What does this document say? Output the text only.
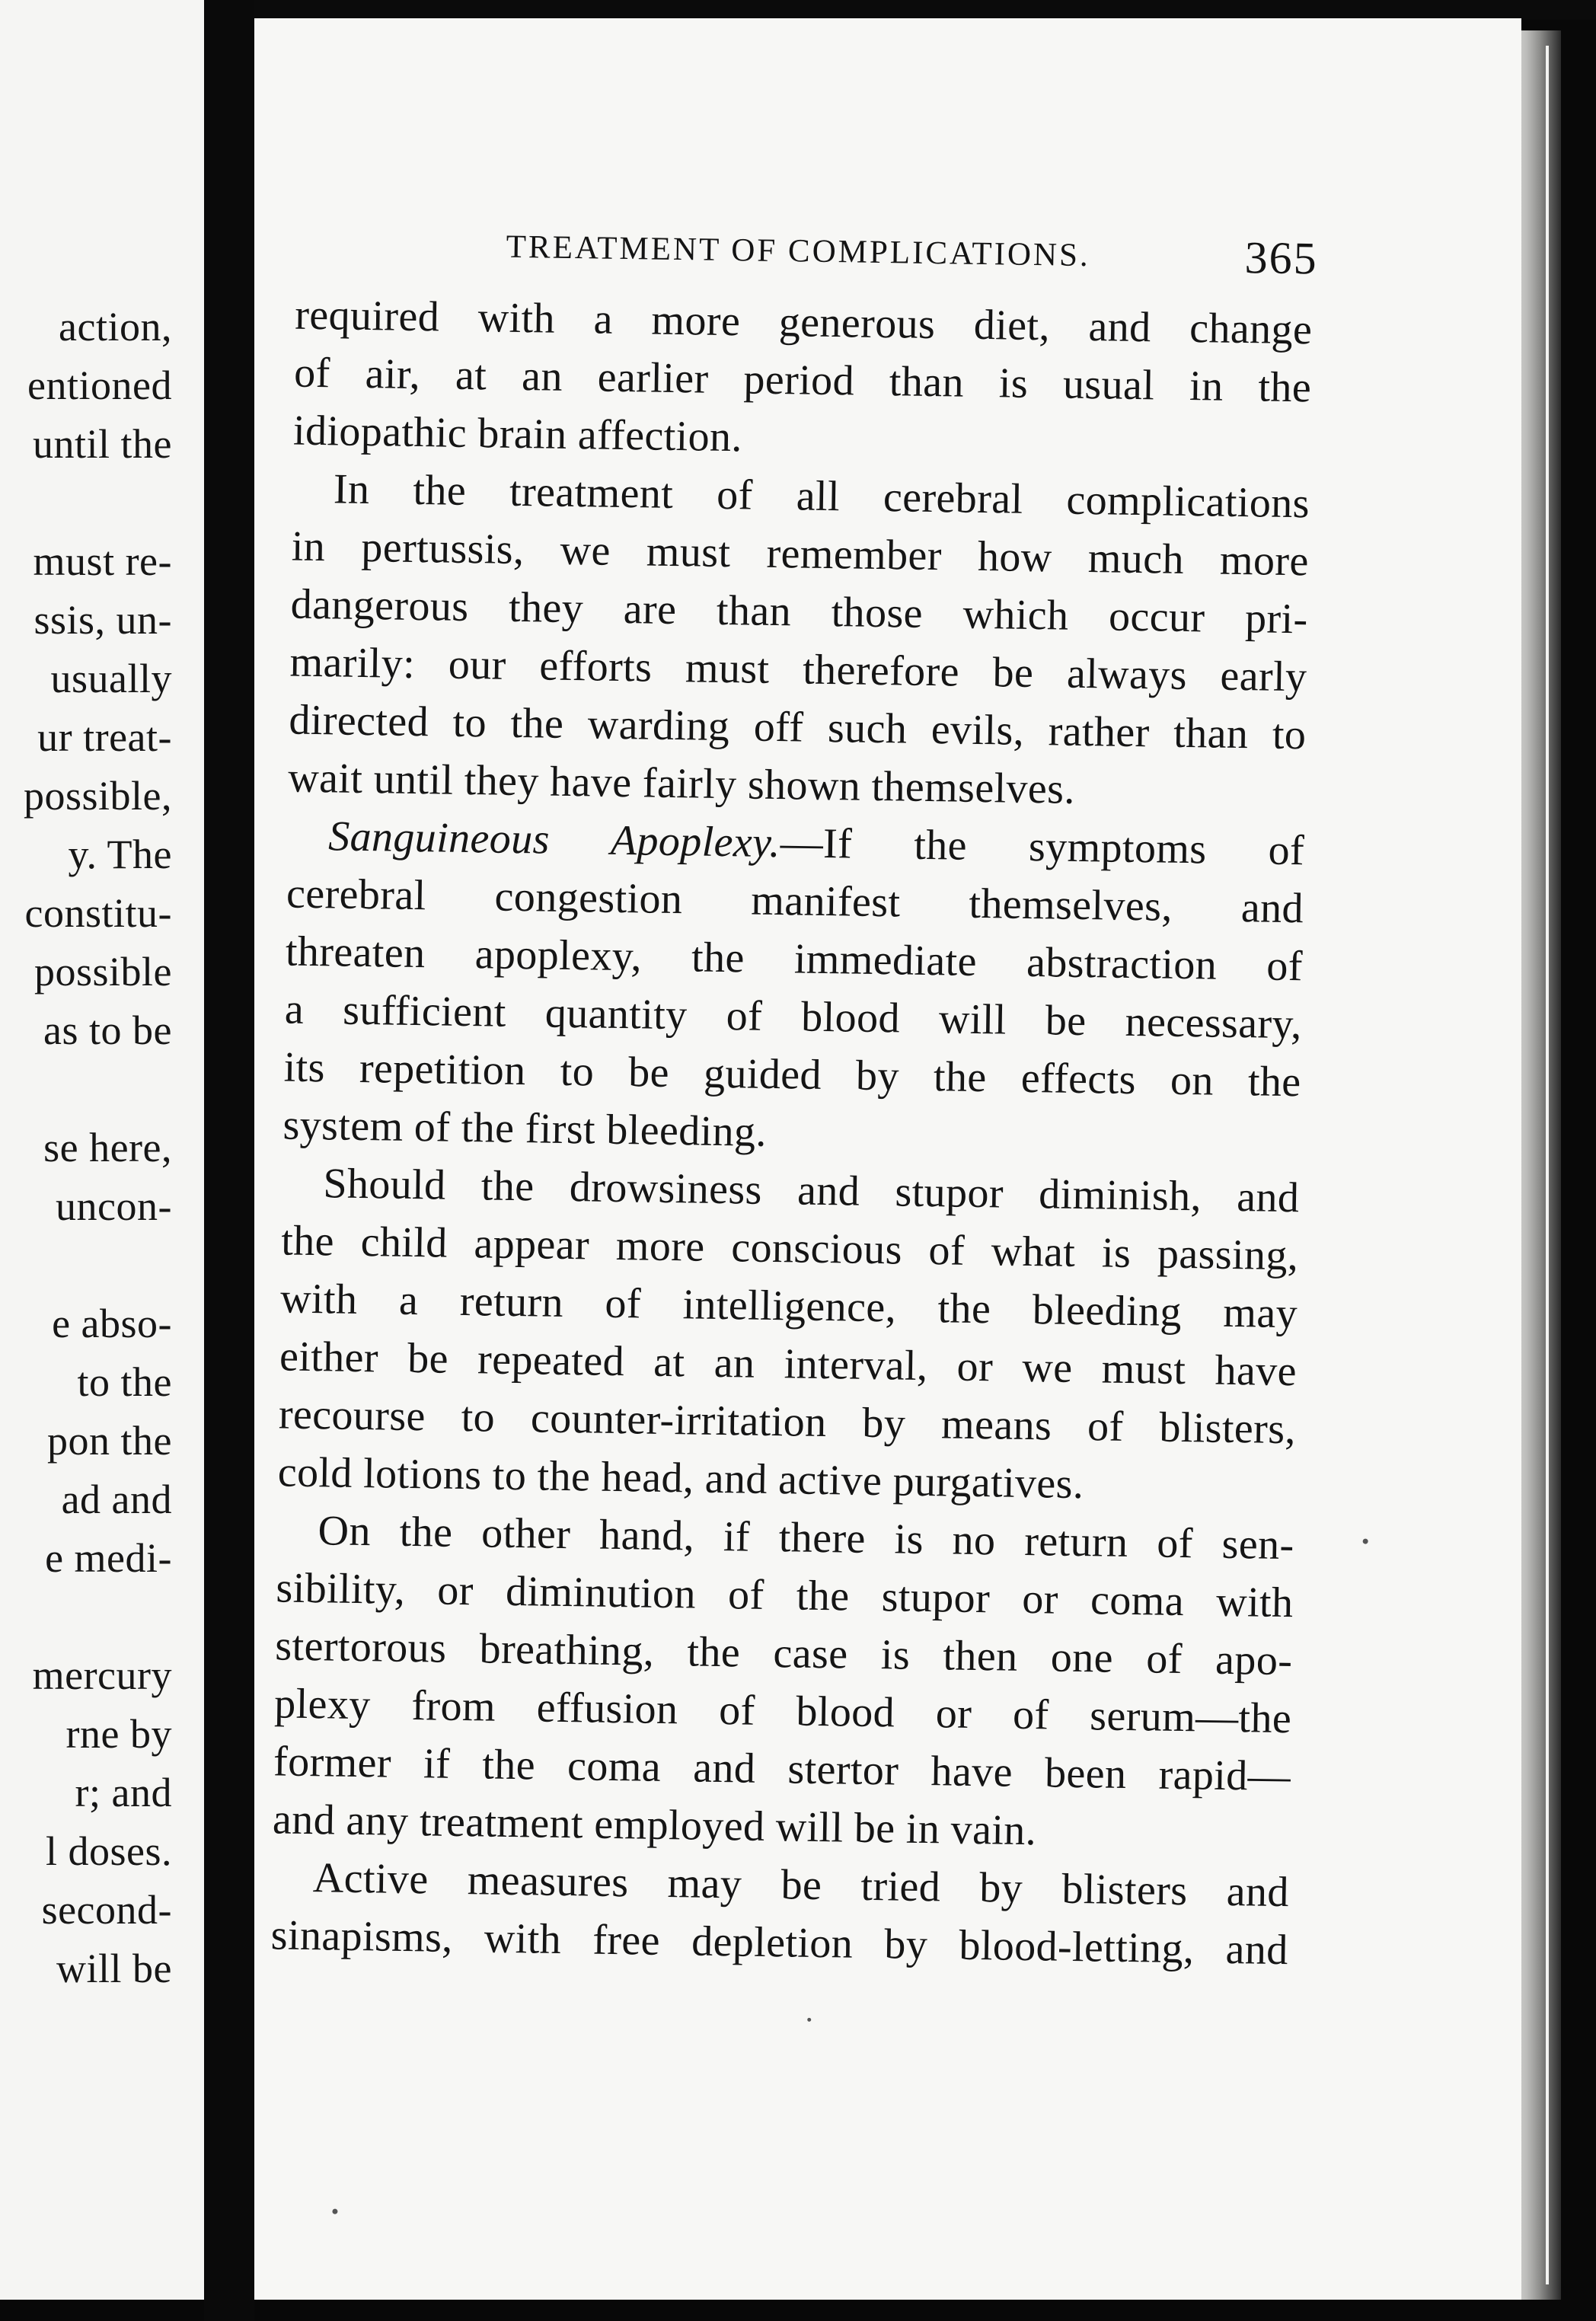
action,
entioned
until the
must re-
ssis, un-
usually
ur treat-
possible,
y. The
constitu-
possible
as to be
se here,
uncon-
e abso-
to the
pon the
ad and
e medi-
mercury
rne by
r; and
l doses.
second-
will be
TREATMENT OF COMPLICATIONS.	365
required with a more generous diet, and change
of air, at an earlier period than is usual in the
idiopathic brain affection.
In the treatment of all cerebral complications
in pertussis, we must remember how much more
dangerous they are than those which occur pri-
marily: our efforts must therefore be always early
directed to the warding off such evils, rather than to
wait until they have fairly shown themselves.
Sanguineous Apoplexy.—If the symptoms of
cerebral congestion manifest themselves, and
threaten apoplexy, the immediate abstraction of
a sufficient quantity of blood will be necessary,
its repetition to be guided by the effects on the
system of the first bleeding.
Should the drowsiness and stupor diminish, and
the child appear more conscious of what is passing,
with a return of intelligence, the bleeding may
either be repeated at an interval, or we must have
recourse to counter-irritation by means of blisters,
cold lotions to the head, and active purgatives.
On the other hand, if there is no return of sen-
sibility, or diminution of the stupor or coma with
stertorous breathing, the case is then one of apo-
plexy from effusion of blood or of serum—the
former if the coma and stertor have been rapid—
and any treatment employed will be in vain.
Active measures may be tried by blisters and
sinapisms, with free depletion by blood-letting, and
